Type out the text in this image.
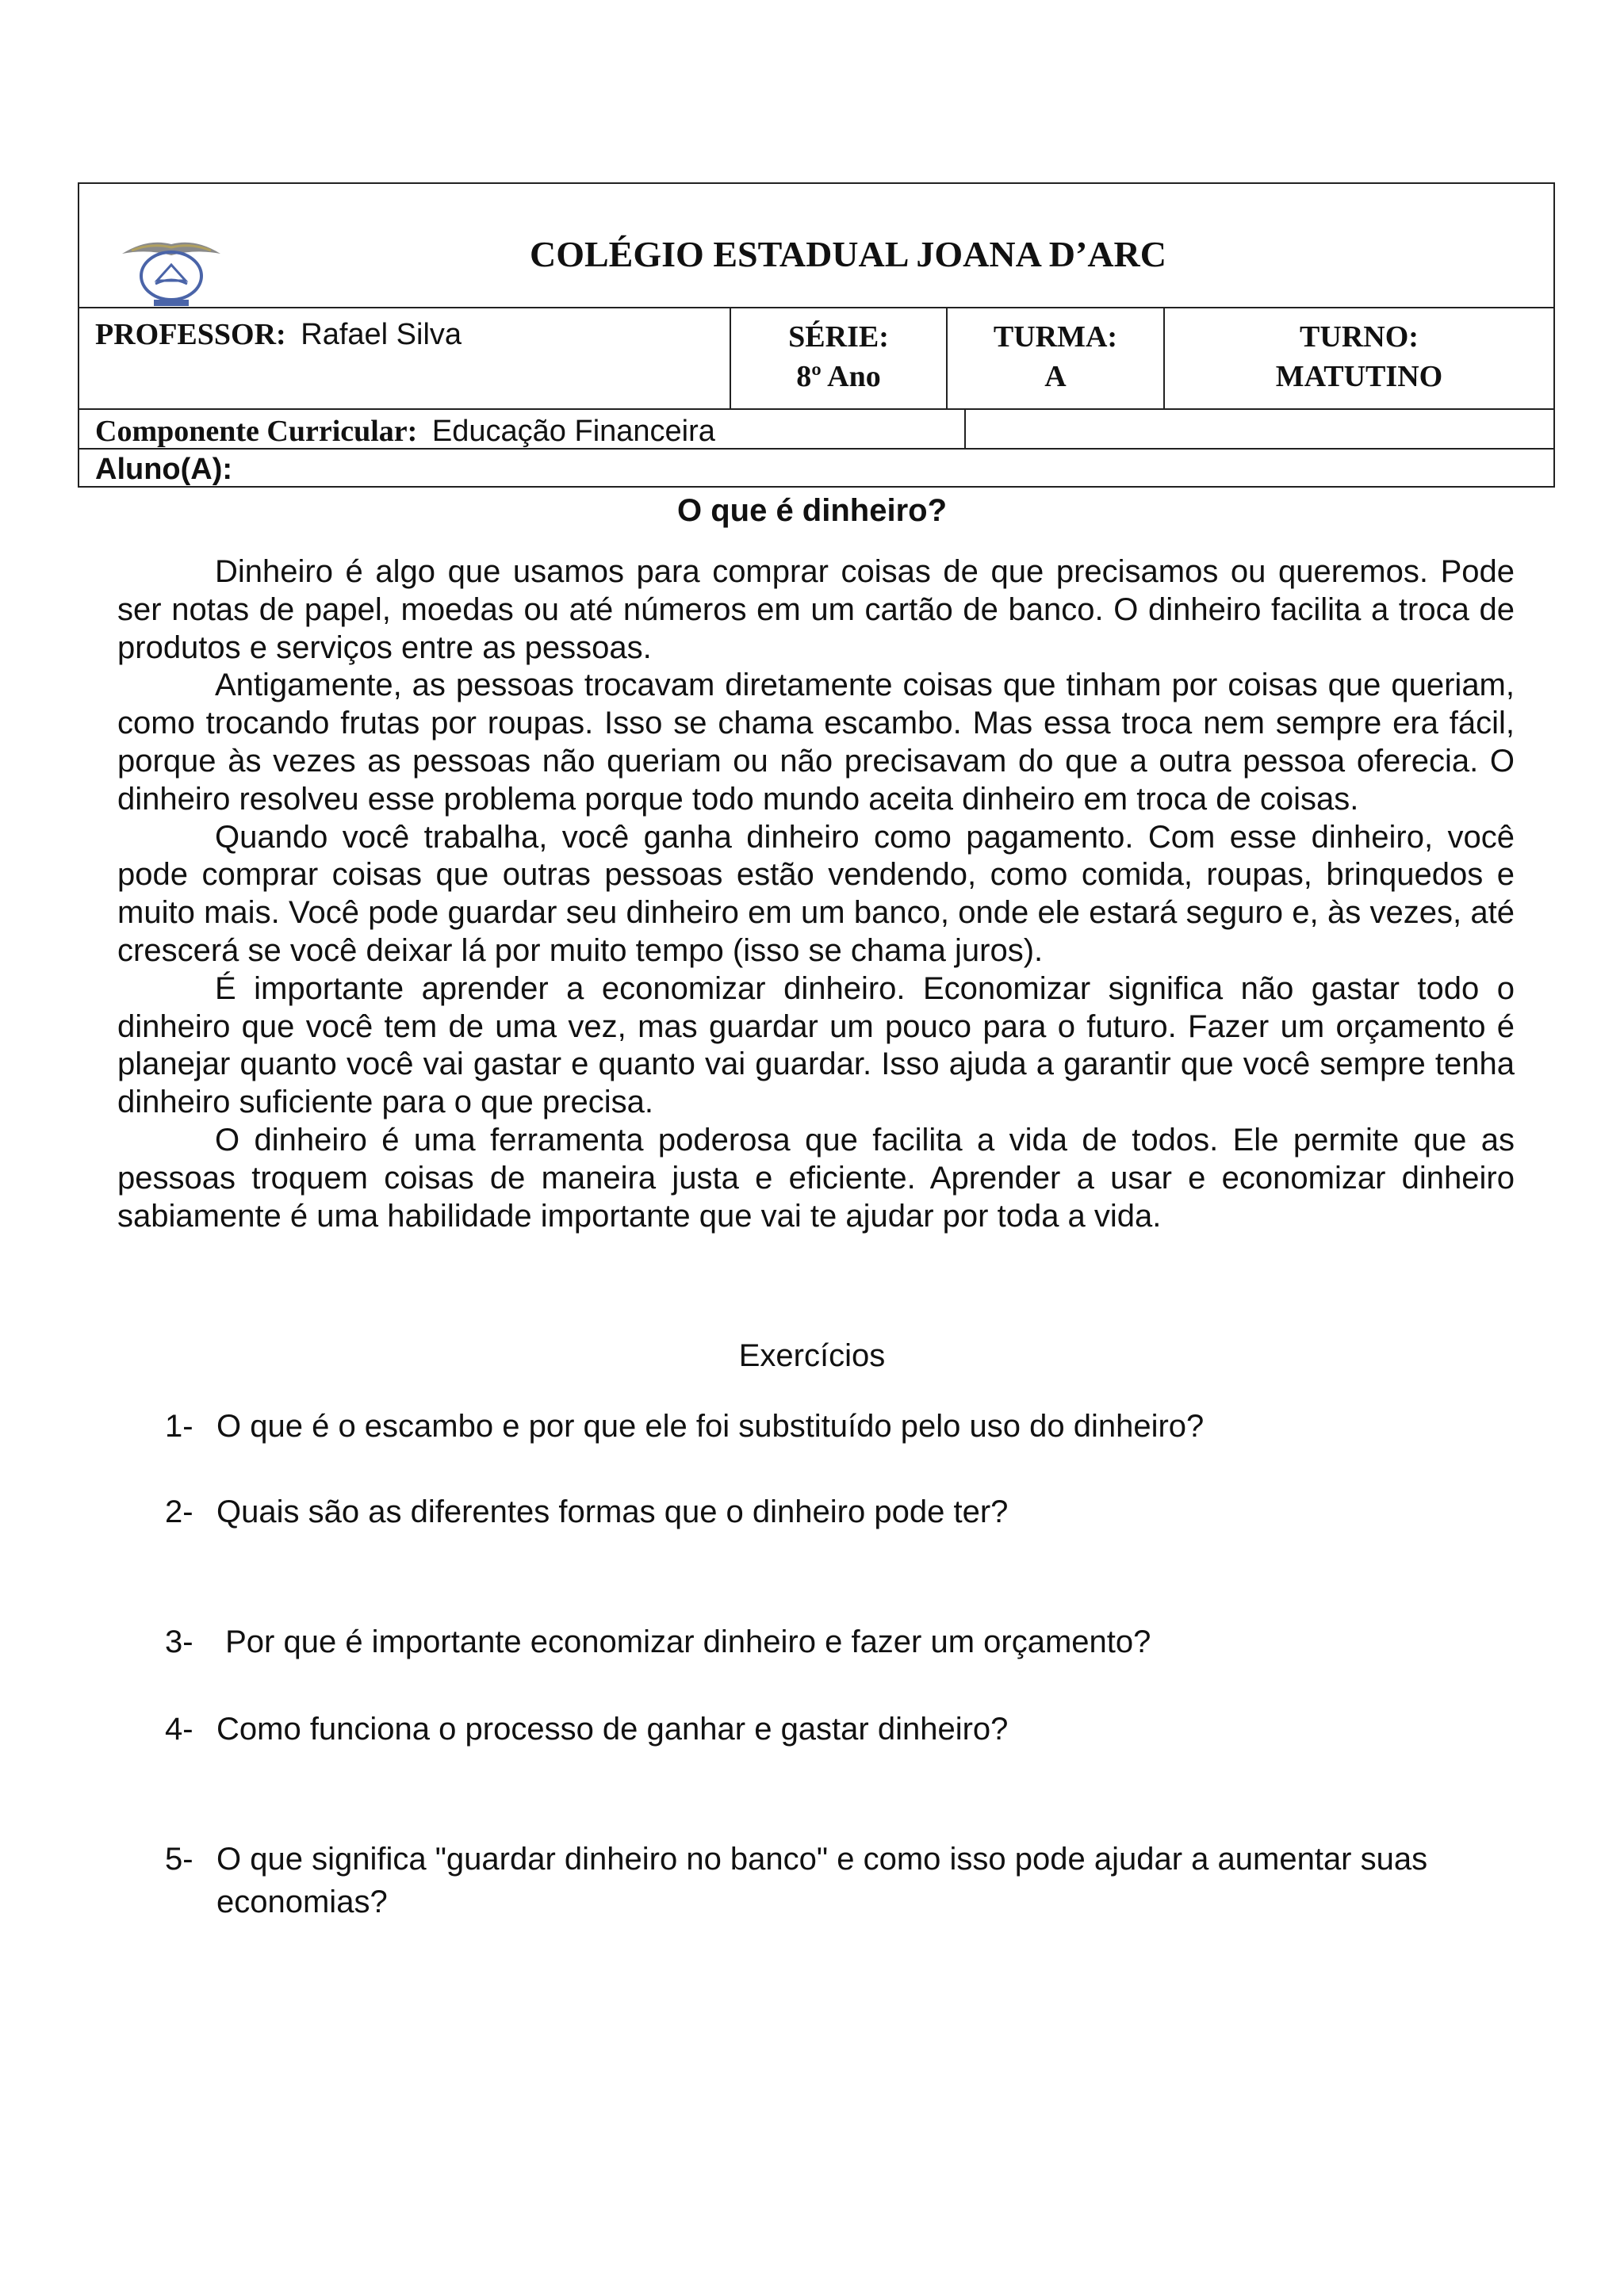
COLÉGIO ESTADUAL JOANA D’ARC
PROFESSOR: Rafael Silva	SÉRIE:
8º Ano
TURMA:
A
TURNO:
MATUTINO
Componente Curricular: Educação Financeira
Aluno(A):
O que é dinheiro?

Dinheiro é algo que usamos para comprar coisas de que precisamos ou queremos. Pode ser notas de papel, moedas ou até números em um cartão de banco. O dinheiro facilita a troca de produtos e serviços entre as pessoas.

Antigamente, as pessoas trocavam diretamente coisas que tinham por coisas que queriam, como trocando frutas por roupas. Isso se chama escambo. Mas essa troca nem sempre era fácil, porque às vezes as pessoas não queriam ou não precisavam do que a outra pessoa oferecia. O dinheiro resolveu esse problema porque todo mundo aceita dinheiro em troca de coisas.

Quando você trabalha, você ganha dinheiro como pagamento. Com esse dinheiro, você pode comprar coisas que outras pessoas estão vendendo, como comida, roupas, brinquedos e muito mais. Você pode guardar seu dinheiro em um banco, onde ele estará seguro e, às vezes, até crescerá se você deixar lá por muito tempo (isso se chama juros).

É importante aprender a economizar dinheiro. Economizar significa não gastar todo o dinheiro que você tem de uma vez, mas guardar um pouco para o futuro. Fazer um orçamento é planejar quanto você vai gastar e quanto vai guardar. Isso ajuda a garantir que você sempre tenha dinheiro suficiente para o que precisa.

O dinheiro é uma ferramenta poderosa que facilita a vida de todos. Ele permite que as pessoas troquem coisas de maneira justa e eficiente. Aprender a usar e economizar dinheiro sabiamente é uma habilidade importante que vai te ajudar por toda a vida.

Exercícios
1- O que é o escambo e por que ele foi substituído pelo uso do dinheiro?
2- Quais são as diferentes formas que o dinheiro pode ter?
3- Por que é importante economizar dinheiro e fazer um orçamento?
4- Como funciona o processo de ganhar e gastar dinheiro?
5- O que significa "guardar dinheiro no banco" e como isso pode ajudar a aumentar suas economias?
